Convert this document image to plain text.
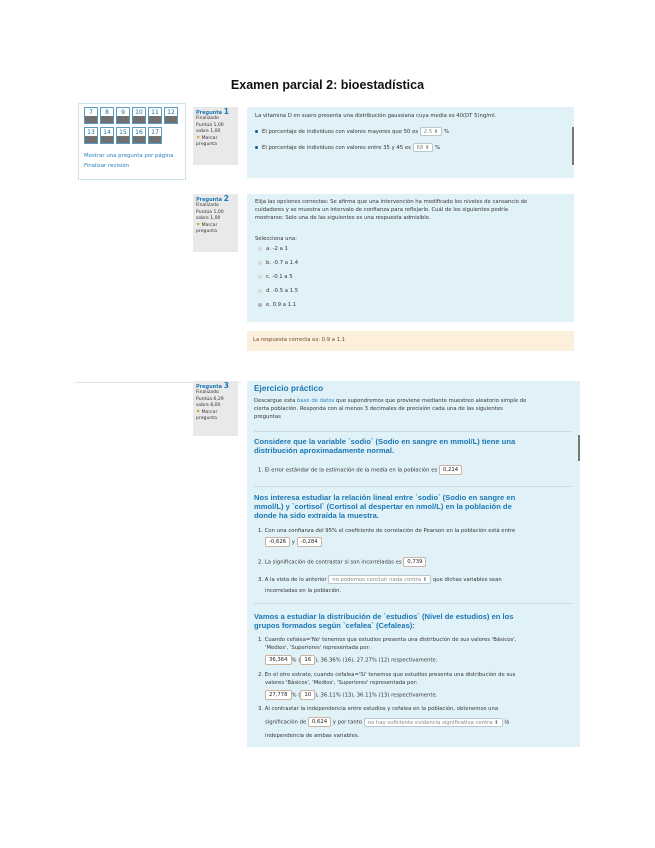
Examen parcial 2: bioestadística
7	8	9	10	11	12
13	14	15	16	17
Mostrar una pregunta por página
Finalizar revisión
Pregunta 1
Finalizado
Puntúa 1,00
sobre 1,00
⚑ Marcar
pregunta
La vitamina D en suero presenta una distribución gaussiana cuya media es 40(DT 5)ng/ml.
El porcentaje de individuos con valores mayores que 50 es 2.5 ⬍ %
El porcentaje de individuos con valores entre 35 y 45 es 68 ⬍ %
Pregunta 2
Finalizado
Puntúa 1,00
sobre 1,00
⚑ Marcar
pregunta
Elija las opciones correctas: Se afirma que una intervención ha modificado los niveles de cansancio de
cuidadores y se muestra un intervalo de confianza para reflejarlo. Cuál de los siguientes podría
mostrarse: Solo una de las siguientes es una respuesta admisible.
Selecciona una:
a. -2 a 1
b. -0.7 a 1.4
c. -0.1 a 5
d. -0.5 a 1.5
e. 0.9 a 1.1
La respuesta correcta es: 0.9 a 1.1
Pregunta 3
Finalizado
Puntúa 6,29
sobre 8,00
⚑ Marcar
pregunta
Ejercicio práctico
Descargue esta base de datos que supondremos que proviene mediante muestreo aleatorio simple de
cierta población. Responda con al menos 3 decimales de precisión cada una de las siguientes
preguntas
Considere que la variable `sodio` (Sodio en sangre en mmol/L) tiene una
distribución aproximadamente normal.
1. El error estándar de la estimación de la media en la población es 0,214
Nos interesa estudiar la relación lineal entre `sodio` (Sodio en sangre en
mmol/L) y `cortisol` (Cortisol al despertar en nmol/L) en la población de
donde ha sido extraída la muestra.
1. Con una confianza del 95% el coeficiente de correlación de Pearson en la población está entre
-0,626 y -0,284
2. La significación de contrastar si son incorreladas es 0,739
3. A la vista de lo anterior no podemos concluir nada contra ⬍ que dichas variables sean
incorreladas en la población.
Vamos a estudiar la distribución de `estudios` (Nivel de estudios) en los
grupos formados según `cefalea` (Cefaleas):
1. Cuando cefalea='No' tenemos que estudios presenta una distribución de sus valores 'Básicos',
'Medios', 'Superiores' representada por:
36,364 % ( 16 ), 36.36% (16), 27.27% (12) respectivamente.
2. En el otro estrato, cuando cefalea='Sí' tenemos que estudios presenta una distribución de sus
valores 'Básicos', 'Medios', 'Superiores' representada por:
27,778 % ( 10 ), 36.11% (13), 36.11% (13) respectivamente.
3. Al contrastar la independencia entre estudios y cefalea en la población, obtenemos una
significación de 0,624 y por tanto no hay suficiente evidencia significativa contra ⬍ la
independencia de ambas variables.
